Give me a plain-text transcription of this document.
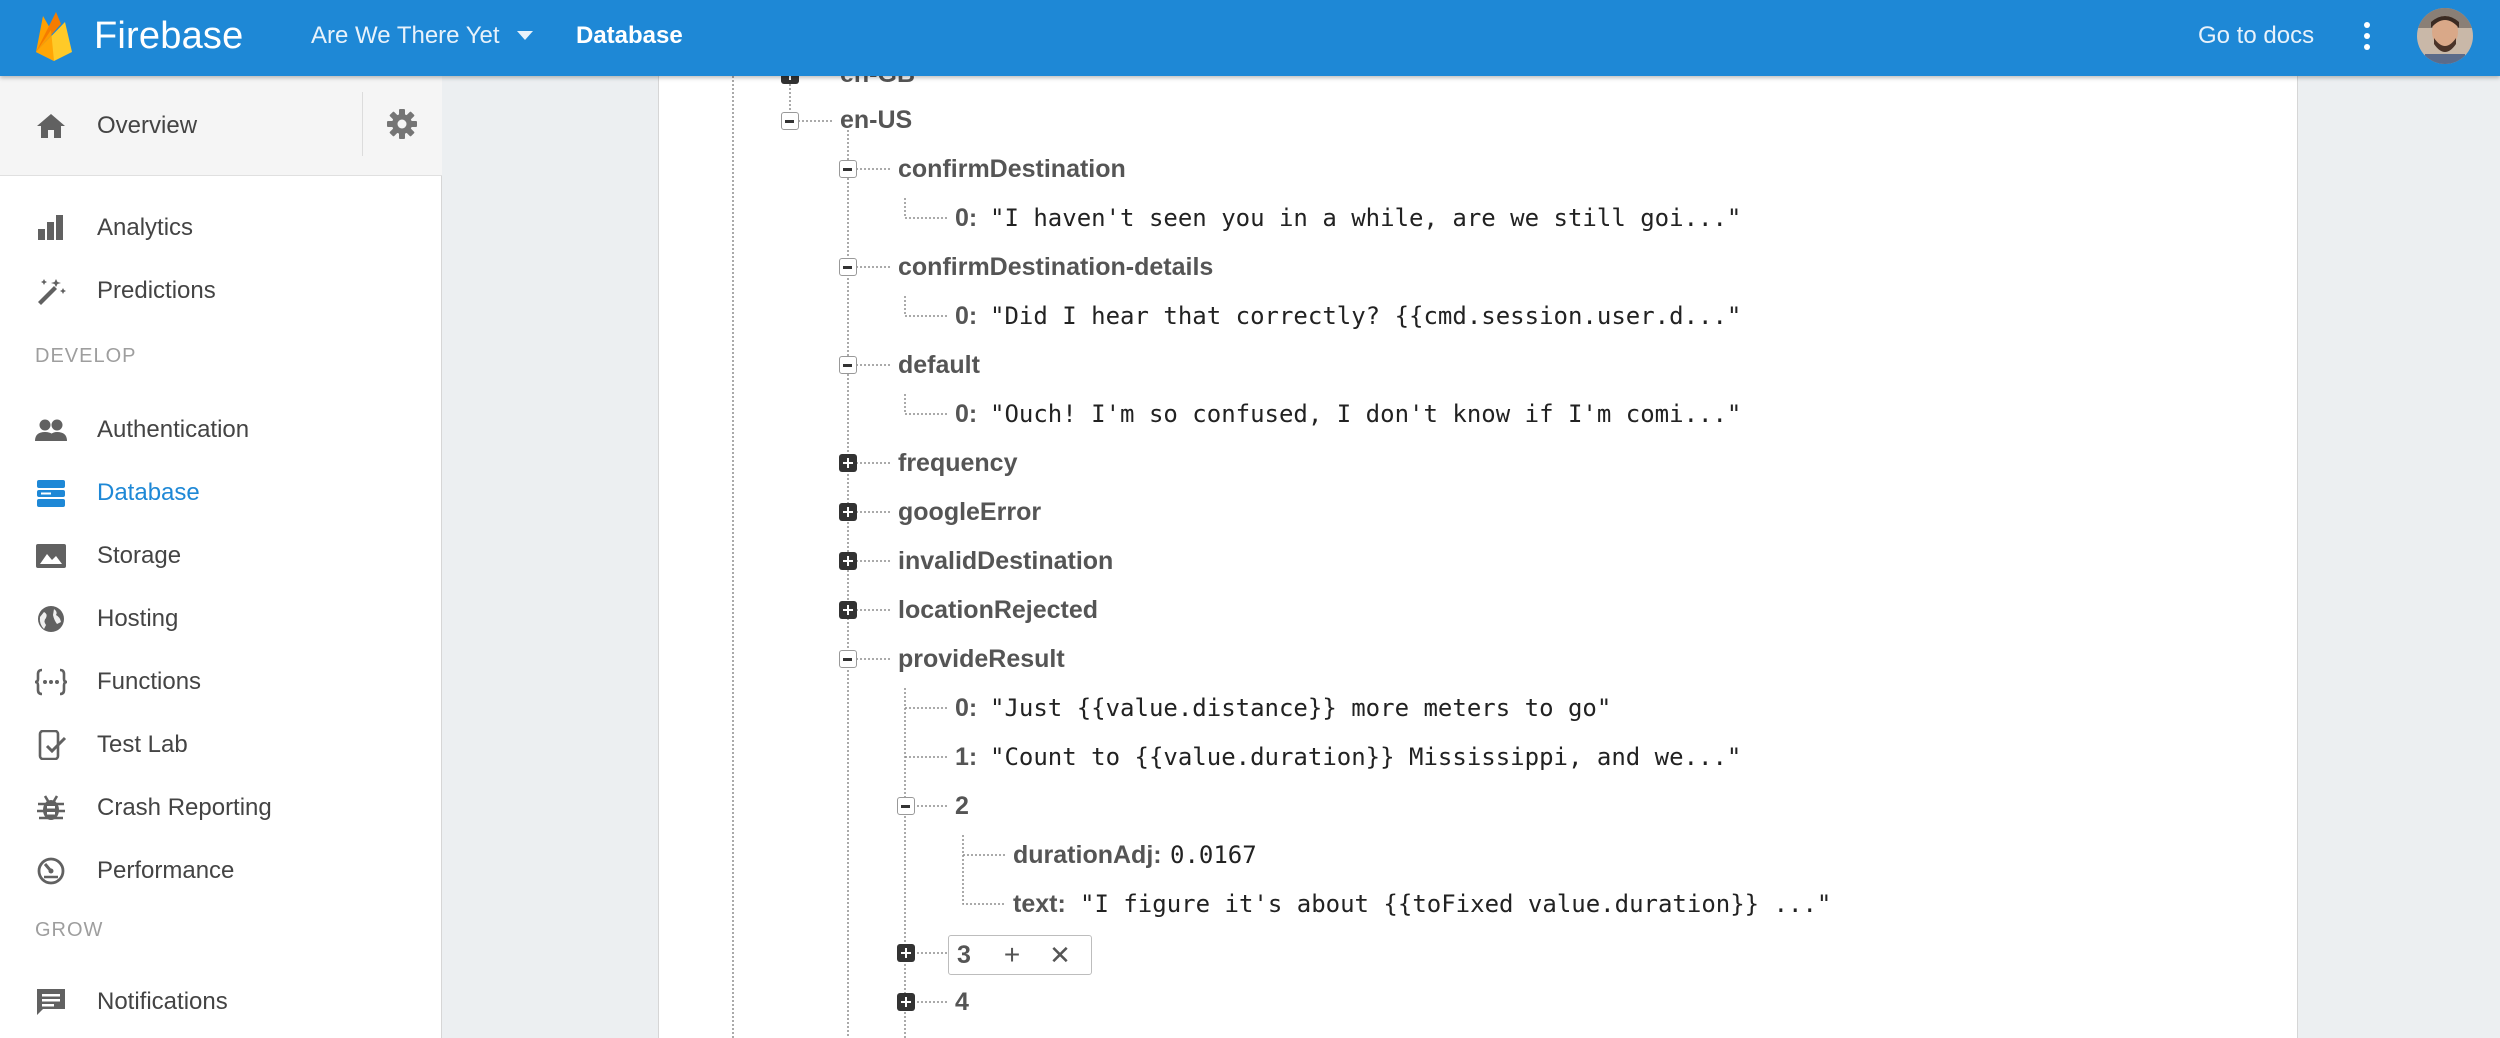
Firebase	Are We There Yet	Database	Go to docs
Overview
Analytics
Predictions
DEVELOP
Authentication
Database
Storage
Hosting
Functions
Test Lab
Crash Reporting
Performance
GROW
Notifications
en-US
confirmDestination
0: "I haven't seen you in a while, are we still goi..."
confirmDestination-details
0: "Did I hear that correctly? {{cmd.session.user.d..."
default
0: "Ouch! I'm so confused, I don't know if I'm comi..."
frequency
googleError
invalidDestination
locationRejected
provideResult
0: "Just {{value.distance}} more meters to go"
1: "Count to {{value.duration}} Mississippi, and we..."
2
durationAdj: 0.0167
text: "I figure it's about {{toFixed value.duration}} ..."
3 + ✕
4
